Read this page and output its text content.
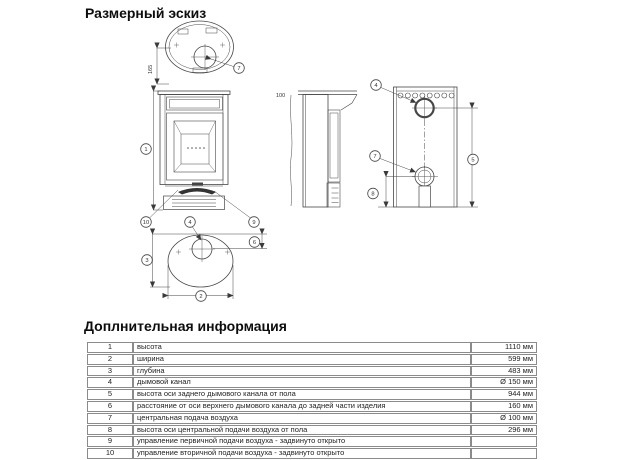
Размерный эскиз
165	7
1
10	9
100
4
3
2
6
4
7
5
8
Доплнительная информация
1	высота	1110 мм
2	ширина	599 мм
3	глубина	483 мм
4	дымовой канал	Ø 150 мм
5	высота оси заднего дымового канала от пола	944 мм
6	расстояние от оси верхнего дымового канала до задней части изделия	160 мм
7	центральная подача воздуха	Ø 100 мм
8	высота оси центральной подачи воздуха от пола	296 мм
9	управление первичной подачи воздуха - задвинуто открыто	
10	управление вторичной подачи воздуха - задвинуто открыто	
